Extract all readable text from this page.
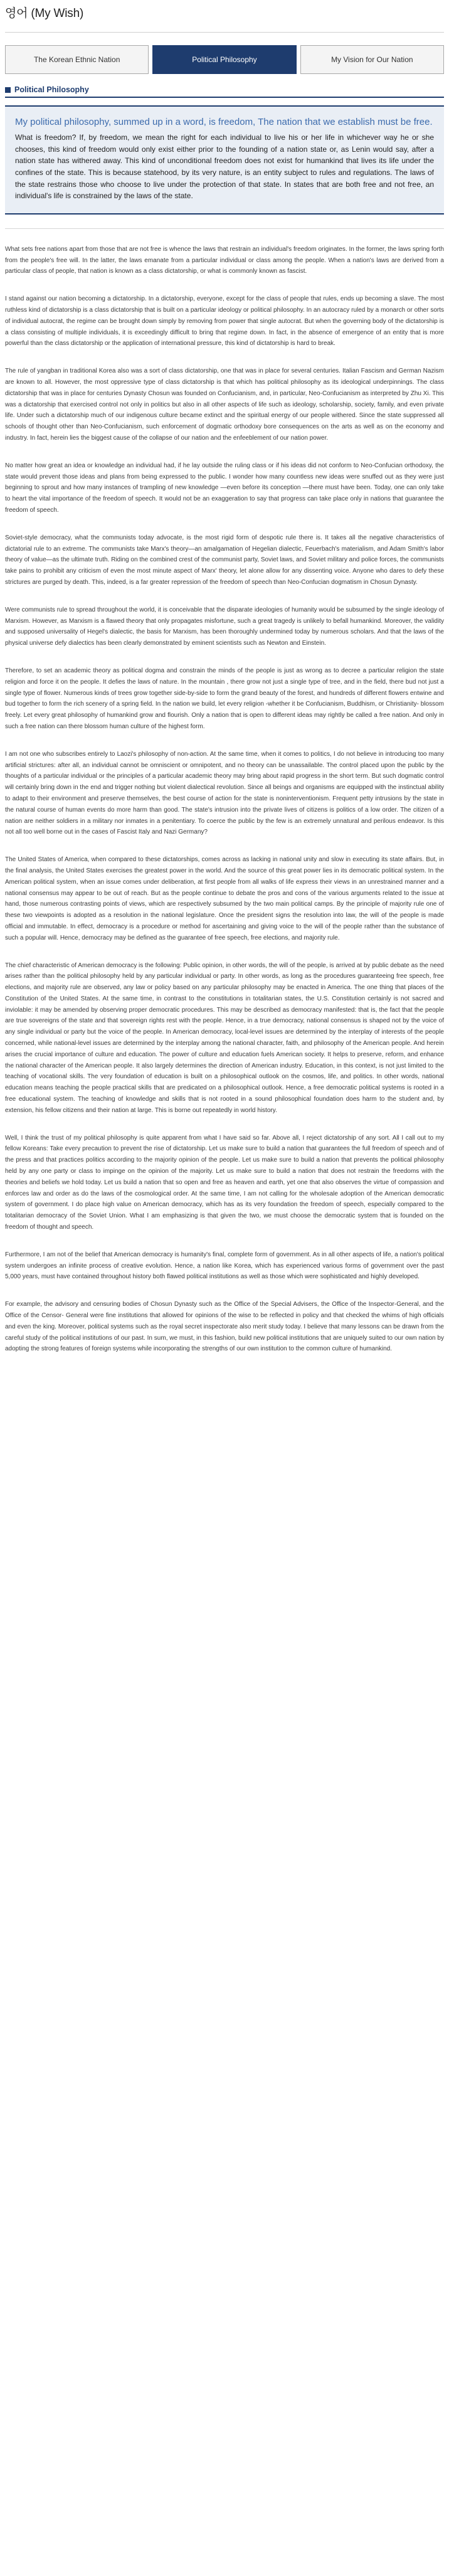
영어 (My Wish)
The Korean Ethnic Nation	Political Philosophy	My Vision for Our Nation
Political Philosophy

My political philosophy, summed up in a word, is freedom, The nation that we establish must be free.

What is freedom? If, by freedom, we mean the right for each individual to live his or her life in whichever way he or she chooses, this kind of freedom would only exist either prior to the founding of a nation state or, as Lenin would say, after a nation state has withered away. This kind of unconditional freedom does not exist for humankind that lives its life under the confines of the state. This is because statehood, by its very nature, is an entity subject to rules and regulations. The laws of the state restrains those who choose to live under the protection of that state. In states that are both free and not free, an individual's life is constrained by the laws of the state.

What sets free nations apart from those that are not free is whence the laws that restrain an individual's freedom originates. In the former, the laws spring forth from the people's free will. In the latter, the laws emanate from a particular individual or class among the people. When a nation's laws are derived from a particular class of people, that nation is known as a class dictatorship, or what is commonly known as fascist.

I stand against our nation becoming a dictatorship. In a dictatorship, everyone, except for the class of people that rules, ends up becoming a slave. The most ruthless kind of dictatorship is a class dictatorship that is built on a particular ideology or political philosophy. In an autocracy ruled by a monarch or other sorts of individual autocrat, the regime can be brought down simply by removing from power that single autocrat. But when the governing body of the dictatorship is a class consisting of multiple individuals, it is exceedingly difficult to bring that regime down. In fact, in the absence of emergence of an entity that is more powerful than the class dictatorship or the application of international pressure, this kind of dictatorship is hard to break.

The rule of yangban in traditional Korea also was a sort of class dictatorship, one that was in place for several centuries. Italian Fascism and German Nazism are known to all. However, the most oppressive type of class dictatorship is that which has political philosophy as its ideological underpinnings. The class dictatorship that was in place for centuries Dynasty Chosun was founded on Confucianism, and, in particular, Neo-Confucianism as interpreted by Zhu Xi. This was a dictatorship that exercised control not only in politics but also in all other aspects of life such as ideology, scholarship, society, family, and even private life. Under such a dictatorship much of our indigenous culture became extinct and the spiritual energy of our people withered. Since the state suppressed all schools of thought other than Neo-Confucianism, such enforcement of dogmatic orthodoxy bore consequences on the arts as well as on the economy and industry. In fact, herein lies the biggest cause of the collapse of our nation and the enfeeblement of our nation power.

No matter how great an idea or knowledge an individual had, if he lay outside the ruling class or if his ideas did not conform to Neo-Confucian orthodoxy, the state would prevent those ideas and plans from being expressed to the public. I wonder how many countless new ideas were snuffed out as they were just beginning to sprout and how many instances of trampling of new knowledge —even before its conception —there must have been. Today, one can only take to heart the vital importance of the freedom of speech. It would not be an exaggeration to say that progress can take place only in nations that guarantee the freedom of speech.

Soviet-style democracy, what the communists today advocate, is the most rigid form of despotic rule there is. It takes all the negative characteristics of dictatorial rule to an extreme. The communists take Marx's theory—an amalgamation of Hegelian dialectic, Feuerbach's materialism, and Adam Smith's labor theory of value—as the ultimate truth. Riding on the combined crest of the communist party, Soviet laws, and Soviet military and police forces, the communists take pains to prohibit any criticism of even the most minute aspect of Marx' theory, let alone allow for any dissenting voice. Anyone who dares to defy these strictures are purged by death. This, indeed, is a far greater repression of the freedom of speech than Neo-Confucian dogmatism in Chosun Dynasty.

Were communists rule to spread throughout the world, it is conceivable that the disparate ideologies of humanity would be subsumed by the single ideology of Marxism. However, as Marxism is a flawed theory that only propagates misfortune, such a great tragedy is unlikely to befall humankind. Moreover, the validity and supposed universality of Hegel's dialectic, the basis for Marxism, has been thoroughly undermined today by numerous scholars. And that the laws of the physical universe defy dialectics has been clearly demonstrated by eminent scientists such as Newton and Einstein.

Therefore, to set an academic theory as political dogma and constrain the minds of the people is just as wrong as to decree a particular religion the state religion and force it on the people. It defies the laws of nature. In the mountain , there grow not just a single type of tree, and in the field, there bud not just a single type of flower. Numerous kinds of trees grow together side-by-side to form the grand beauty of the forest, and hundreds of different flowers entwine and bud together to form the rich scenery of a spring field. In the nation we build, let every religion -whether it be Confucianism, Buddhism, or Christianity- blossom freely. Let every great philosophy of humankind grow and flourish. Only a nation that is open to different ideas may rightly be called a free nation. And only in such a free nation can there blossom human culture of the highest form.

I am not one who subscribes entirely to Laozi's philosophy of non-action. At the same time, when it comes to politics, I do not believe in introducing too many artificial strictures: after all, an individual cannot be omniscient or omnipotent, and no theory can be unassailable. The control placed upon the public by the thoughts of a particular individual or the principles of a particular academic theory may bring about rapid progress in the short term. But such dogmatic control will certainly bring down in the end and trigger nothing but violent dialectical revolution. Since all beings and organisms are equipped with the instinctual ability to adapt to their environment and preserve themselves, the best course of action for the state is noninterventionism. Frequent petty intrusions by the state in the natural course of human events do more harm than good. The state's intrusion into the private lives of citizens is politics of a low order. The citizen of a nation are neither soldiers in a military nor inmates in a penitentiary. To coerce the public by the few is an extremely unnatural and perilous endeavor. Is this not all too well borne out in the cases of Fascist Italy and Nazi Germany?

The United States of America, when compared to these dictatorships, comes across as lacking in national unity and slow in executing its state affairs. But, in the final analysis, the United States exercises the greatest power in the world. And the source of this great power lies in its democratic political system. In the American political system, when an issue comes under deliberation, at first people from all walks of life express their views in an unrestrained manner and a national consensus may appear to be out of reach. But as the people continue to debate the pros and cons of the various arguments related to the issue at hand, those numerous contrasting points of views, which are respectively subsumed by the two main political camps. By the principle of majority rule one of these two viewpoints is adopted as a resolution in the national legislature. Once the president signs the resolution into law, the will of the people is made official and immutable. In effect, democracy is a procedure or method for ascertaining and giving voice to the will of the people rather than the substance of such a popular will. Hence, democracy may be defined as the guarantee of free speech, free elections, and majority rule.

The chief characteristic of American democracy is the following: Public opinion, in other words, the will of the people, is arrived at by public debate as the need arises rather than the political philosophy held by any particular individual or party. In other words, as long as the procedures guaranteeing free speech, free elections, and majority rule are observed, any law or policy based on any particular philosophy may be enacted in America. The one thing that places of the Constitution of the United States. At the same time, in contrast to the constitutions in totalitarian states, the U.S. Constitution certainly is not sacred and inviolable: it may be amended by observing proper democratic procedures. This may be described as democracy manifested: that is, the fact that the people are true sovereigns of the state and that sovereign rights rest with the people. Hence, in a true democracy, national consensus is shaped not by the voice of any single individual or party but the voice of the people. In American democracy, local-level issues are determined by the interplay of interests of the people concerned, while national-level issues are determined by the interplay among the national character, faith, and philosophy of the American people. And herein arises the crucial importance of culture and education. The power of culture and education fuels American society. It helps to preserve, reform, and enhance the national character of the American people. It also largely determines the direction of American industry. Education, in this context, is not just limited to the teaching of vocational skills. The very foundation of education is built on a philosophical outlook on the cosmos, life, and politics. In other words, national education means teaching the people practical skills that are predicated on a philosophical outlook. Hence, a free democratic political systems is rooted in a free educational system. The teaching of knowledge and skills that is not rooted in a sound philosophical foundation does harm to the student and, by extension, his fellow citizens and their nation at large. This is borne out repeatedly in world history.

Well, I think the trust of my political philosophy is quite apparent from what I have said so far. Above all, I reject dictatorship of any sort. All I call out to my fellow Koreans: Take every precaution to prevent the rise of dictatorship. Let us make sure to build a nation that guarantees the full freedom of speech and of the press and that practices politics according to the majority opinion of the people. Let us make sure to build a nation that prevents the political philosophy held by any one party or class to impinge on the opinion of the majority. Let us make sure to build a nation that does not restrain the freedoms with the theories and beliefs we hold today. Let us build a nation that so open and free as heaven and earth, yet one that also observes the virtue of compassion and enforces law and order as do the laws of the cosmological order. At the same time, I am not calling for the wholesale adoption of the American democratic system of government. I do place high value on American democracy, which has as its very foundation the freedom of speech, especially compared to the totalitarian democracy of the Soviet Union. What I am emphasizing is that given the two, we must choose the democratic system that is founded on the freedom of thought and speech.

Furthermore, I am not of the belief that American democracy is humanity's final, complete form of government. As in all other aspects of life, a nation's political system undergoes an infinite process of creative evolution. Hence, a nation like Korea, which has experienced various forms of government over the past 5,000 years, must have contained throughout history both flawed political institutions as well as those which were sophisticated and highly developed.

For example, the advisory and censuring bodies of Chosun Dynasty such as the Office of the Special Advisers, the Office of the Inspector-General, and the Office of the Censor- General were fine institutions that allowed for opinions of the wise to be reflected in policy and that checked the whims of high officials and even the king. Moreover, political systems such as the royal secret inspectorate also merit study today. I believe that many lessons can be drawn from the careful study of the political institutions of our past. In sum, we must, in this fashion, build new political institutions that are uniquely suited to our own nation by adopting the strong features of foreign systems while incorporating the strengths of our own institution to the common culture of humankind.
